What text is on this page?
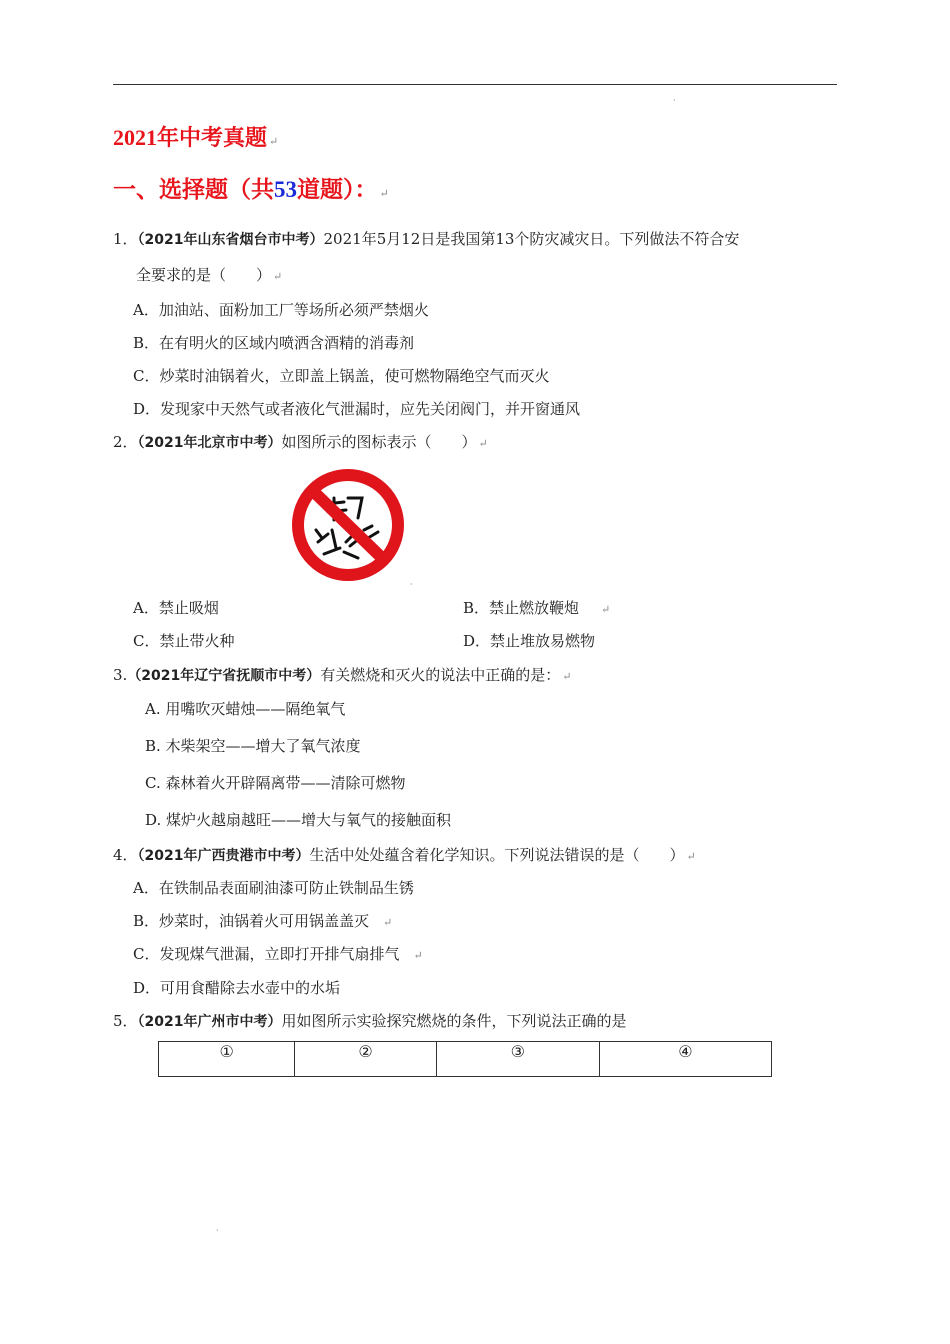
·
2021年中考真题 ↵
一、选择题（共53道题）： ↵
1．（2021年山东省烟台市中考）2021年5月12日是我国第13个防灾减灾日。下列做法不符合安
全要求的是（　　） ↵
A．加油站、面粉加工厂等场所必须严禁烟火
B．在有明火的区域内喷洒含酒精的消毒剂
C．炒菜时油锅着火，立即盖上锅盖，使可燃物隔绝空气而灭火
D．发现家中天然气或者液化气泄漏时，应先关闭阀门，并开窗通风
2．（2021年北京市中考）如图所示的图标表示（　　） ↵
·
A．禁止吸烟	B．禁止燃放鞭炮 ↵
C．禁止带火种	D．禁止堆放易燃物
3.（2021年辽宁省抚顺市中考）有关燃烧和灭火的说法中正确的是： ↵
A. 用嘴吹灭蜡烛——隔绝氧气
B. 木柴架空——增大了氧气浓度
C. 森林着火开辟隔离带——清除可燃物
D. 煤炉火越扇越旺——增大与氧气的接触面积
4．（2021年广西贵港市中考）生活中处处蕴含着化学知识。下列说法错误的是（　　） ↵
A．在铁制品表面刷油漆可防止铁制品生锈
B．炒菜时，油锅着火可用锅盖盖灭 ↵
C．发现煤气泄漏，立即打开排气扇排气 ↵
D．可用食醋除去水壶中的水垢
5．（2021年广州市中考）用如图所示实验探究燃烧的条件，下列说法正确的是
①	②	③	④
·
